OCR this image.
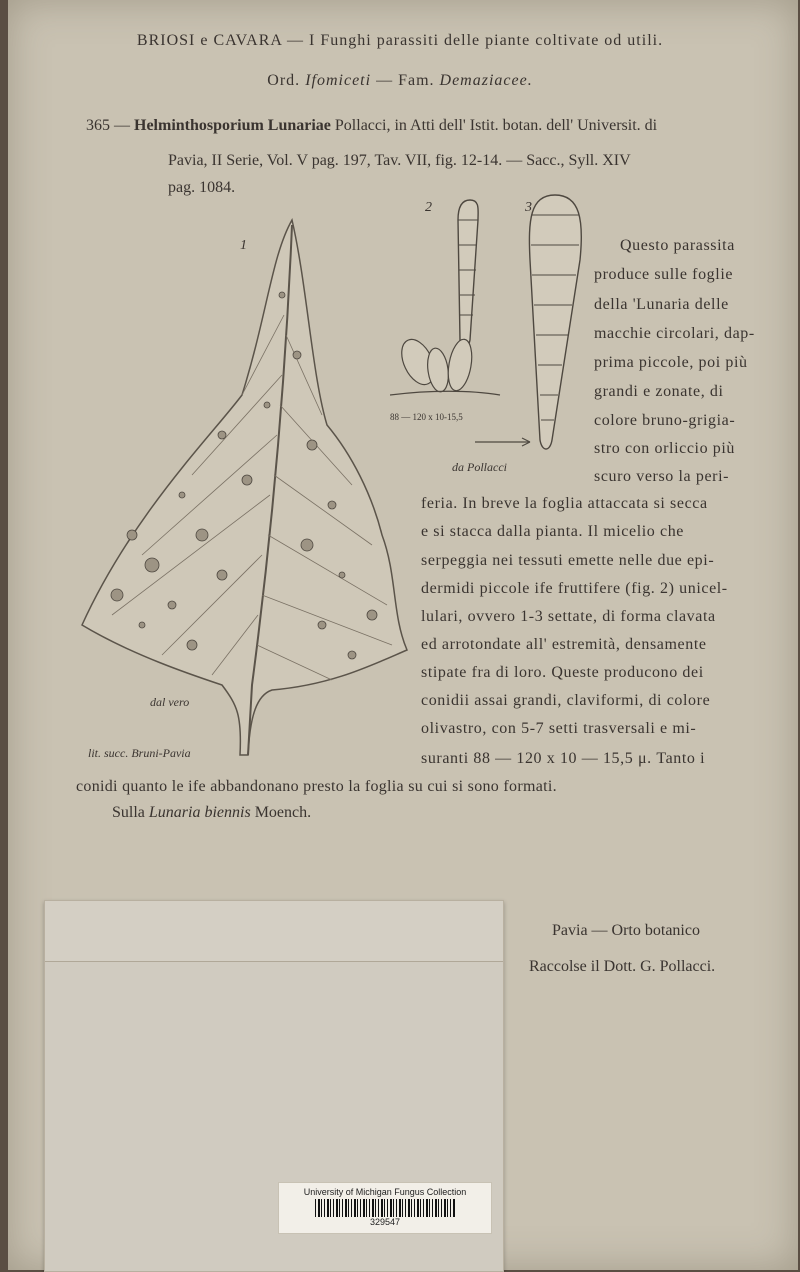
BRIOSI e CAVARA — I Funghi parassiti delle piante coltivate od utili.
Ord. Ifomiceti — Fam. Demaziacee.
365 — Helminthosporium Lunariae Pollacci, in Atti dell' Istit. botan. dell' Universit. di
Pavia, II Serie, Vol. V pag. 197, Tav. VII, fig. 12-14. — Sacc., Syll. XIV
pag. 1084.
1
2	3
88 — 120 x 10-15,5
da Pollacci
dal vero
lit. succ. Bruni-Pavia
Questo parassita
produce sulle foglie
della 'Lunaria delle
macchie circolari, dap-
prima piccole, poi più
grandi e zonate, di
colore bruno-grigia-
stro con orliccio più
scuro verso la peri-
feria. In breve la foglia attaccata si secca
e si stacca dalla pianta. Il micelio che
serpeggia nei tessuti emette nelle due epi-
dermidi piccole ife fruttifere (fig. 2) unicel-
lulari, ovvero 1-3 settate, di forma clavata
ed arrotondate all' estremità, densamente
stipate fra di loro. Queste producono dei
conidii assai grandi, claviformi, di colore
olivastro, con 5-7 setti trasversali e mi-
suranti 88 — 120 x 10 — 15,5 μ. Tanto i
conidi quanto le ife abbandonano presto la foglia su cui si sono formati.
Sulla Lunaria biennis Moench.
Pavia — Orto botanico
Raccolse il Dott. G. Pollacci.
University of Michigan Fungus Collection
329547
